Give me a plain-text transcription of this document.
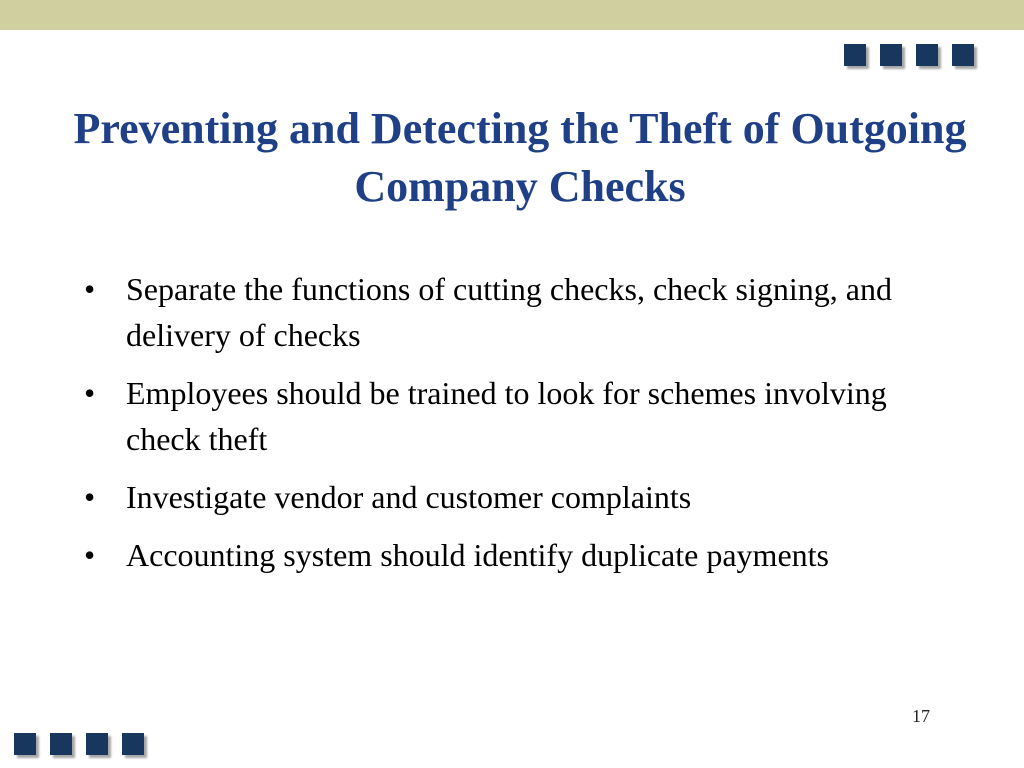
Preventing and Detecting the Theft of Outgoing Company Checks
• Separate the functions of cutting checks, check signing, and delivery of checks
• Employees should be trained to look for schemes involving check theft
• Investigate vendor and customer complaints
• Accounting system should identify duplicate payments
17
